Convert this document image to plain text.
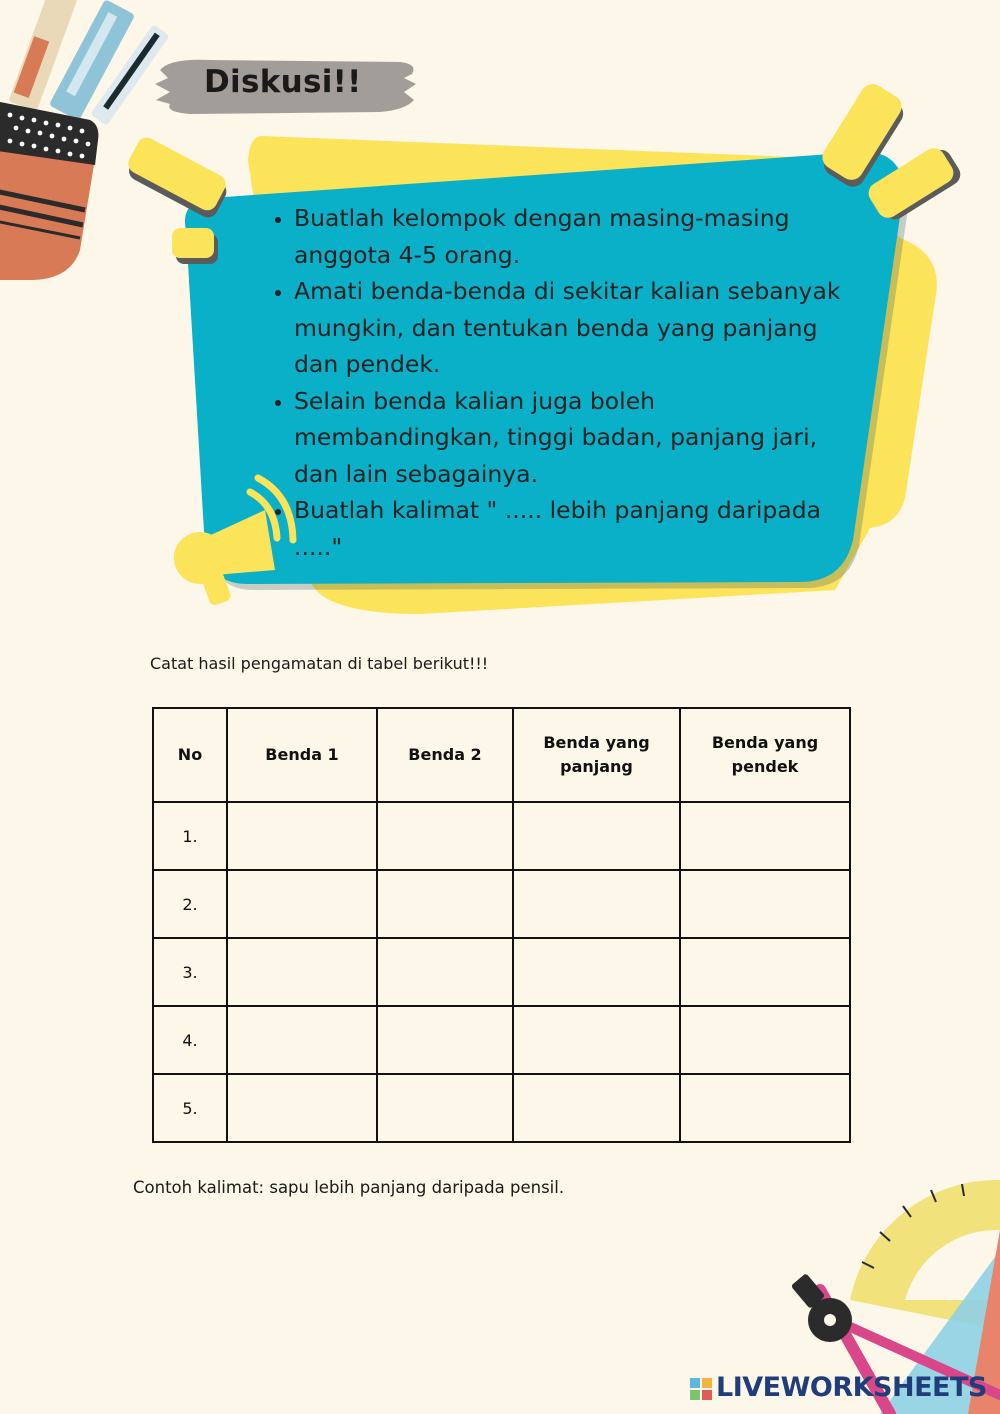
Diskusi!!
• Buatlah kelompok dengan masing-masing anggota 4-5 orang.
• Amati benda-benda di sekitar kalian sebanyak mungkin, dan tentukan benda yang panjang dan pendek.
• Selain benda kalian juga boleh membandingkan, tinggi badan, panjang jari, dan lain sebagainya.
• Buatlah kalimat " ..... lebih panjang daripada ....."
Catat hasil pengamatan di tabel berikut!!!
No	Benda 1	Benda 2	Benda yang panjang	Benda yang pendek

1.				
2.				
3.				
4.				
5.				
Contoh kalimat: sapu lebih panjang daripada pensil.
LIVEWORKSHEETS
